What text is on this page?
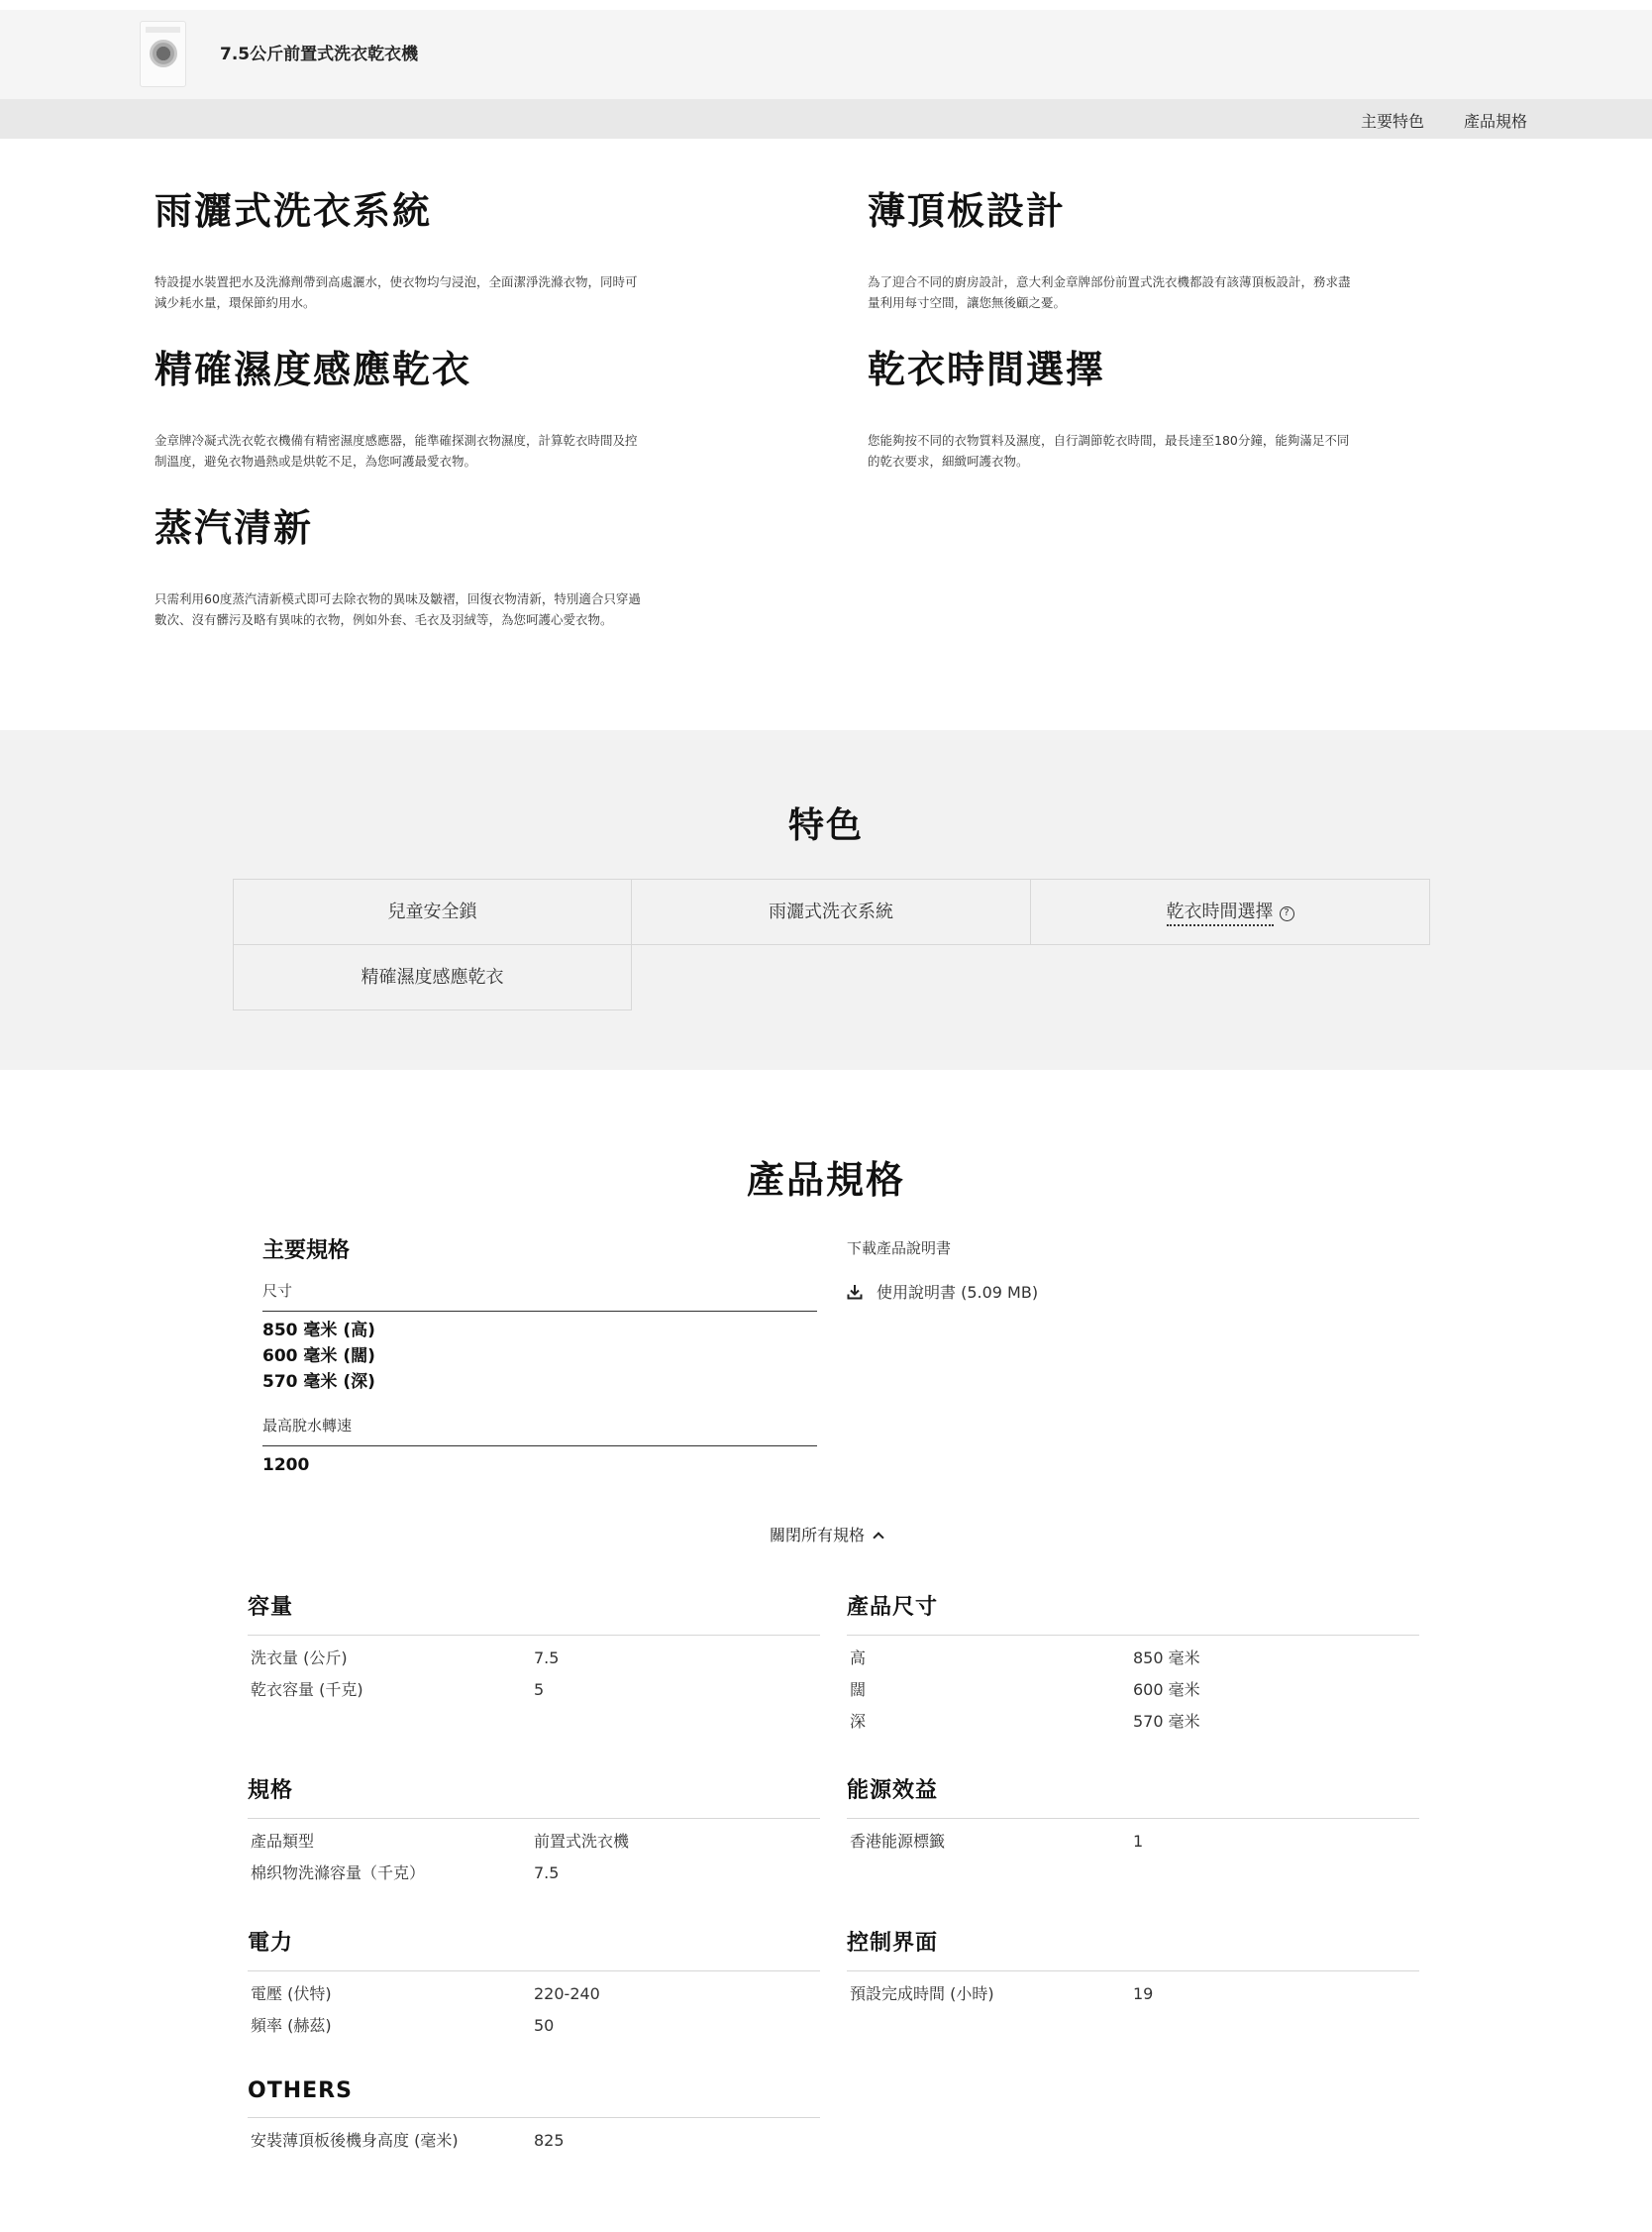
7.5公斤前置式洗衣乾衣機
主要特色 產品規格
雨灑式洗衣系統

特設提水裝置把水及洗滌劑帶到高處灑水，使衣物均勻浸泡，全面潔淨洗滌衣物，同時可減少耗水量，環保節約用水。

薄頂板設計

為了迎合不同的廚房設計，意大利金章牌部份前置式洗衣機都設有該薄頂板設計，務求盡量利用每寸空間，讓您無後顧之憂。

精確濕度感應乾衣

金章牌冷凝式洗衣乾衣機備有精密濕度感應器，能準確探測衣物濕度，計算乾衣時間及控制溫度，避免衣物過熱或是烘乾不足，為您呵護最愛衣物。

乾衣時間選擇

您能夠按不同的衣物質料及濕度，自行調節乾衣時間，最長達至180分鐘，能夠滿足不同的乾衣要求，細緻呵護衣物。

蒸汽清新

只需利用60度蒸汽清新模式即可去除衣物的異味及皺褶，回復衣物清新，特別適合只穿過數次、沒有髒污及略有異味的衣物，例如外套、毛衣及羽絨等，為您呵護心愛衣物。

特色
兒童安全鎖	雨灑式洗衣系統	乾衣時間選擇 ?
精確濕度感應乾衣
產品規格
主要規格
尺寸
850 毫米 (高)
600 毫米 (闊)
570 毫米 (深)
最高脫水轉速
1200
下載產品說明書
使用說明書 (5.09 MB)
關閉所有規格
容量
洗衣量 (公斤)	7.5
乾衣容量 (千克)	5
產品尺寸
高	850 毫米
闊	600 毫米
深	570 毫米
規格
產品類型	前置式洗衣機
棉织物洗滌容量（千克）	7.5
能源效益
香港能源標籤	1
電力
電壓 (伏特)	220-240
頻率 (赫茲)	50
控制界面
預設完成時間 (小時)	19
OTHERS
安裝薄頂板後機身高度 (毫米)	825
